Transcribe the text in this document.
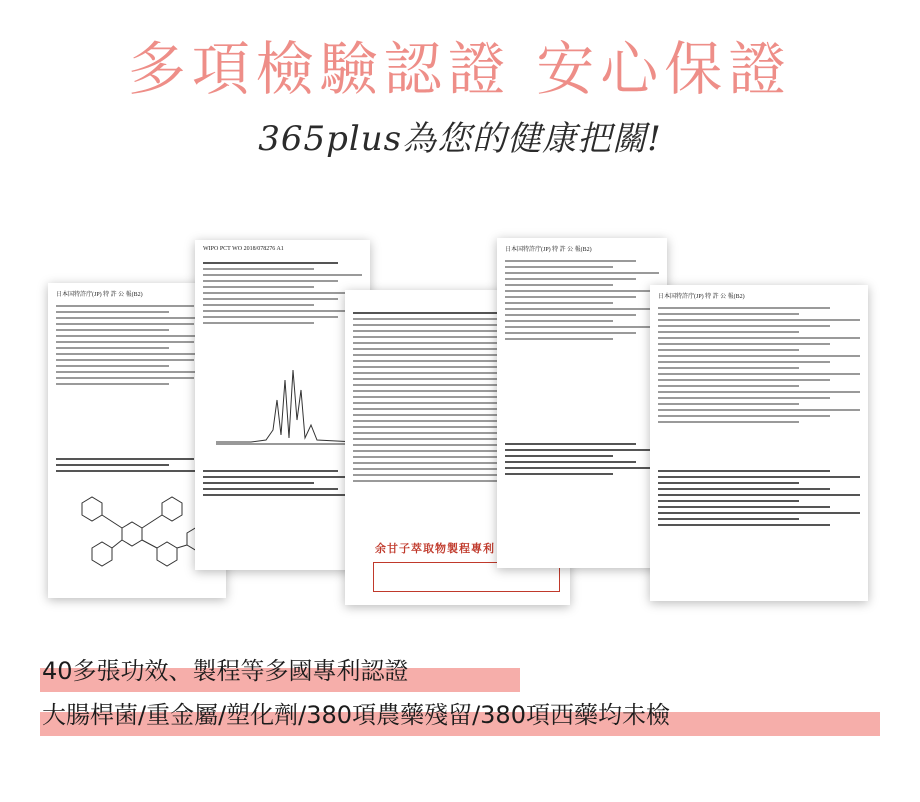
多項檢驗認證 安心保證
365plus為您的健康把關!
日本国特許庁(JP) 特 許 公 報(B2)
WIPO PCT WO 2018/078276 A1
余甘子萃取物製程專利
日本国特許庁(JP) 特 許 公 報(B2)
日本国特許庁(JP) 特 許 公 報(B2)
40多張功效、製程等多國專利認證
大腸桿菌/重金屬/塑化劑/380項農藥殘留/380項西藥均未檢
